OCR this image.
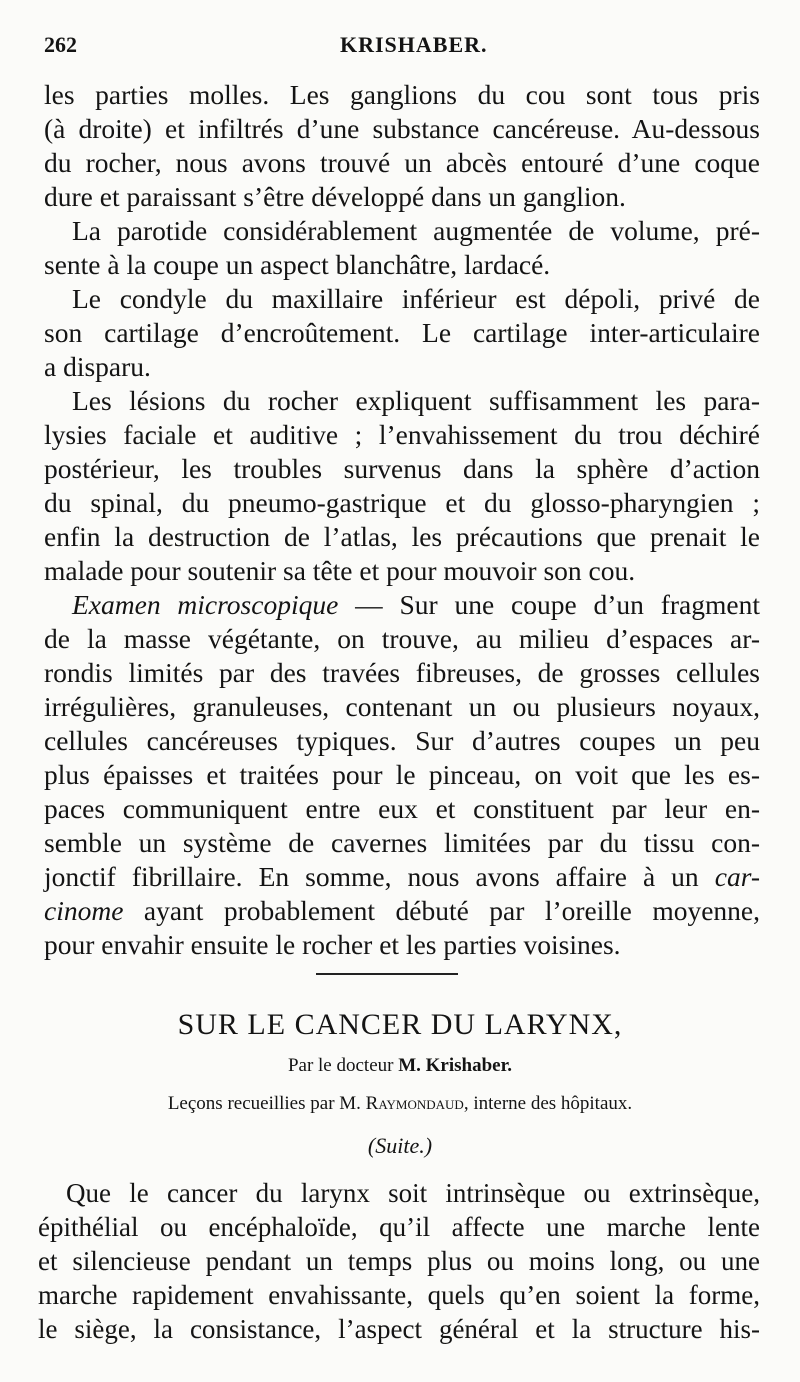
262	KRISHABER.
les parties molles. Les ganglions du cou sont tous pris
(à droite) et infiltrés d’une substance cancéreuse. Au-dessous
du rocher, nous avons trouvé un abcès entouré d’une coque
dure et paraissant s’être développé dans un ganglion.
La parotide considérablement augmentée de volume, pré-
sente à la coupe un aspect blanchâtre, lardacé.
Le condyle du maxillaire inférieur est dépoli, privé de
son cartilage d’encroûtement. Le cartilage inter-articulaire
a disparu.
Les lésions du rocher expliquent suffisamment les para-
lysies faciale et auditive ; l’envahissement du trou déchiré
postérieur, les troubles survenus dans la sphère d’action
du spinal, du pneumo-gastrique et du glosso-pharyngien ;
enfin la destruction de l’atlas, les précautions que prenait le
malade pour soutenir sa tête et pour mouvoir son cou.
Examen microscopique — Sur une coupe d’un fragment
de la masse végétante, on trouve, au milieu d’espaces ar-
rondis limités par des travées fibreuses, de grosses cellules
irrégulières, granuleuses, contenant un ou plusieurs noyaux,
cellules cancéreuses typiques. Sur d’autres coupes un peu
plus épaisses et traitées pour le pinceau, on voit que les es-
paces communiquent entre eux et constituent par leur en-
semble un système de cavernes limitées par du tissu con-
jonctif fibrillaire. En somme, nous avons affaire à un car-
cinome ayant probablement débuté par l’oreille moyenne,
pour envahir ensuite le rocher et les parties voisines.
SUR LE CANCER DU LARYNX,
Par le docteur M. Krishaber.
Leçons recueillies par M. Raymondaud, interne des hôpitaux.
(Suite.)
Que le cancer du larynx soit intrinsèque ou extrinsèque,
épithélial ou encéphaloïde, qu’il affecte une marche lente
et silencieuse pendant un temps plus ou moins long, ou une
marche rapidement envahissante, quels qu’en soient la forme,
le siège, la consistance, l’aspect général et la structure his-
